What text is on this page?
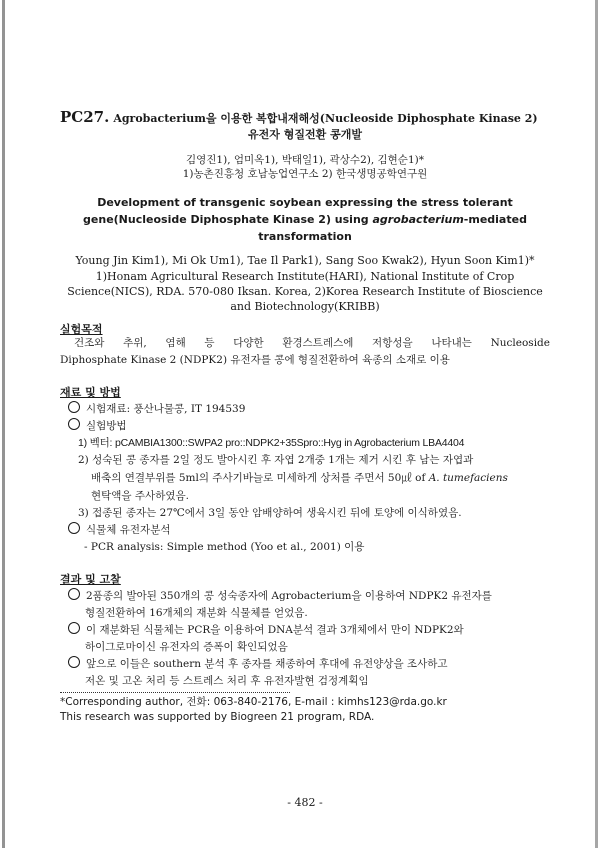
PC27. Agrobacterium을 이용한 복합내재해성(Nucleoside Diphosphate Kinase 2)
유전자 형질전환 콩개발
김영진1), 엄미옥1), 박태일1), 곽상수2), 김현순1)*
1)농촌진흥청 호남농업연구소 2) 한국생명공학연구원
Development of transgenic soybean expressing the stress tolerant
gene(Nucleoside Diphosphate Kinase 2) using agrobacterium-mediated
transformation
Young Jin Kim1), Mi Ok Um1), Tae Il Park1), Sang Soo Kwak2), Hyun Soon Kim1)*
1)Honam Agricultural Research Institute(HARI), National Institute of Crop
Science(NICS), RDA. 570-080 Iksan. Korea, 2)Korea Research Institute of Bioscience
and Biotechnology(KRIBB)
실험목적
건조와 추위, 염해 등 다양한 환경스트레스에 저항성을 나타내는 Nucleoside
Diphosphate Kinase 2 (NDPK2) 유전자를 콩에 형질전환하여 육종의 소재로 이용
재료 및 방법
시험재료: 풍산나물콩, IT 194539
실험방법
1) 벡터: pCAMBIA1300::SWPA2 pro::NDPK2+35Spro::Hyg in Agrobacterium LBA4404
2) 성숙된 콩 종자를 2일 정도 발아시킨 후 자엽 2개중 1개는 제거 시킨 후 남는 자엽과
배축의 연결부위를 5ml의 주사기바늘로 미세하게 상처를 주면서 50㎕ of A. tumefaciens
현탁액을 주사하였음.
3) 접종된 종자는 27℃에서 3일 동안 암배양하여 생육시킨 뒤에 토양에 이식하였음.
식물체 유전자분석
- PCR analysis: Simple method (Yoo et al., 2001) 이용
결과 및 고찰
2품종의 발아된 350개의 콩 성숙종자에 Agrobacterium을 이용하여 NDPK2 유전자를
형질전환하여 16개체의 재분화 식물체를 얻었음.
이 재분화된 식물체는 PCR을 이용하여 DNA분석 결과 3개체에서 만이 NDPK2와
하이그로마이신 유전자의 증폭이 확인되었음
앞으로 이들은 southern 분석 후 종자를 채종하여 후대에 유전양상을 조사하고
저온 및 고온 처리 등 스트레스 처리 후 유전자발현 검정계획임
*Corresponding author, 전화: 063-840-2176, E-mail : kimhs123@rda.go.kr
This research was supported by Biogreen 21 program, RDA.
- 482 -
